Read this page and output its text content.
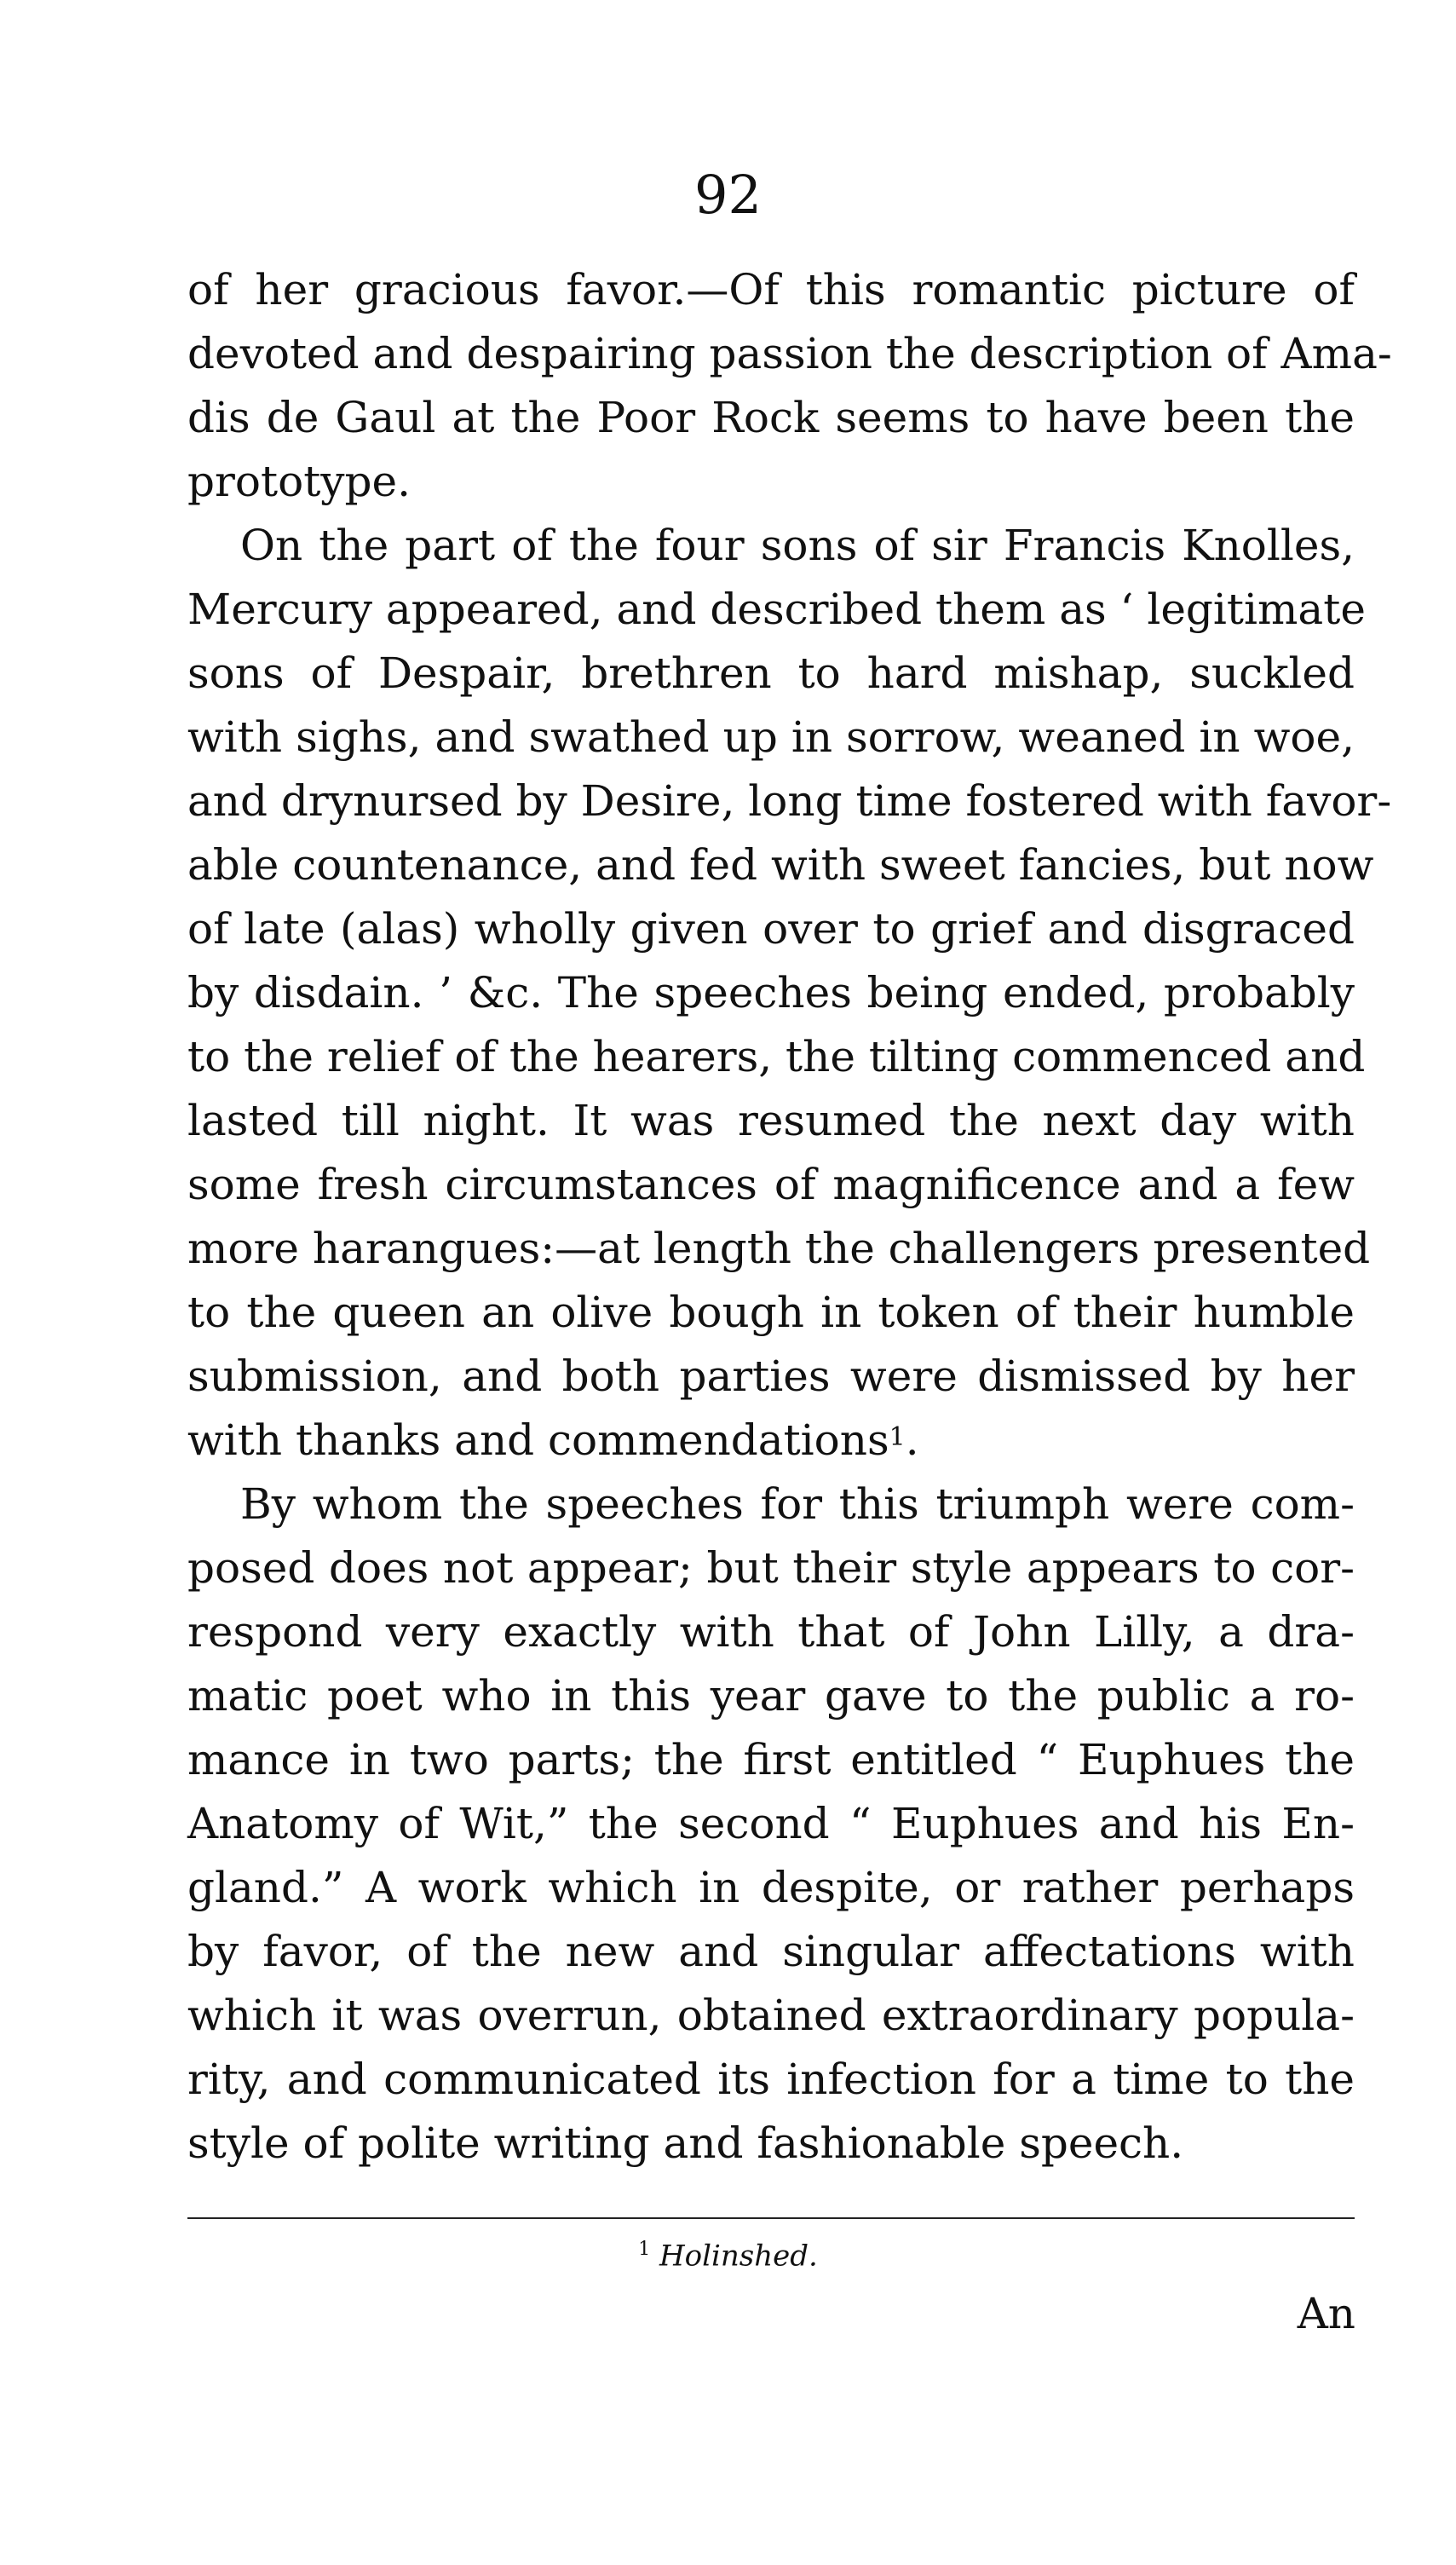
92
of her gracious favor.—Of this romantic picture of
devoted and despairing passion the description of Ama-
dis de Gaul at the Poor Rock seems to have been the
prototype.
On the part of the four sons of sir Francis Knolles,
Mercury appeared, and described them as ‘ legitimate
sons of Despair, brethren to hard mishap, suckled
with sighs, and swathed up in sorrow, weaned in woe,
and drynursed by Desire, long time fostered with favor-
able countenance, and fed with sweet fancies, but now
of late (alas) wholly given over to grief and disgraced
by disdain. ’ &c. The speeches being ended, probably
to the relief of the hearers, the tilting commenced and
lasted till night. It was resumed the next day with
some fresh circumstances of magnificence and a few
more harangues:—at length the challengers presented
to the queen an olive bough in token of their humble
submission, and both parties were dismissed by her
with thanks and commendations$^1$.
By whom the speeches for this triumph were com-
posed does not appear; but their style appears to cor-
respond very exactly with that of John Lilly, a dra-
matic poet who in this year gave to the public a ro-
mance in two parts; the first entitled “ Euphues the
Anatomy of Wit,” the second “ Euphues and his En-
gland.” A work which in despite, or rather perhaps
by favor, of the new and singular affectations with
which it was overrun, obtained extraordinary popula-
rity, and communicated its infection for a time to the
style of polite writing and fashionable speech.
$^1$ Holinshed.
An
